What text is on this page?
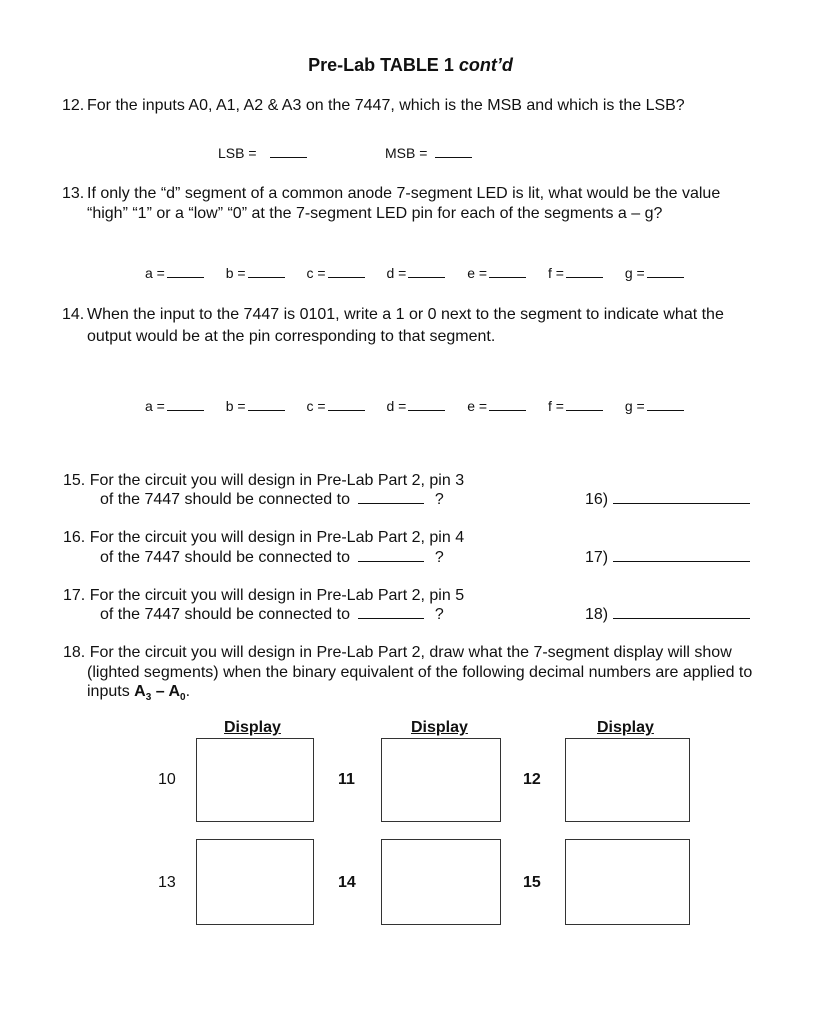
Pre-Lab TABLE 1 cont’d
12. For the inputs A0, A1, A2 & A3 on the 7447, which is the MSB and which is the LSB?
LSB =	MSB =
13. If only the “d” segment of a common anode 7-segment LED is lit, what would be the value
“high” “1” or a “low” “0” at the 7-segment LED pin for each of the segments a – g?
a =	b =	c =	d =	e =	f =	g =
14. When the input to the 7447 is 0101, write a 1 or 0 next to the segment to indicate what the
output would be at the pin corresponding to that segment.
a =	b =	c =	d =	e =	f =	g =
15. For the circuit you will design in Pre-Lab Part 2, pin 3
of the 7447 should be connected to	?	16)
16. For the circuit you will design in Pre-Lab Part 2, pin 4
of the 7447 should be connected to	?	17)
17. For the circuit you will design in Pre-Lab Part 2, pin 5
of the 7447 should be connected to	?	18)
18. For the circuit you will design in Pre-Lab Part 2, draw what the 7-segment display will show
(lighted segments) when the binary equivalent of the following decimal numbers are applied to
inputs $A_3 - A_0$.
Display	Display	Display
10	11	12
13	14	15
